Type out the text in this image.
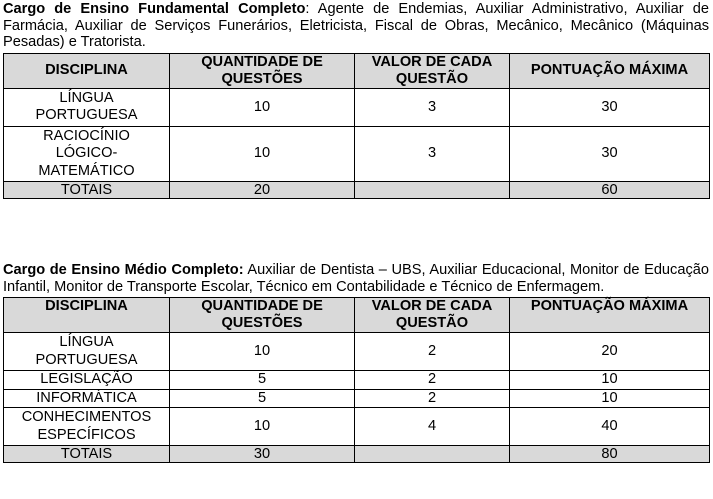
Cargo de Ensino Fundamental Completo: Agente de Endemias, Auxiliar Administrativo, Auxiliar de Farmácia, Auxiliar de Serviços Funerários, Eletricista, Fiscal de Obras, Mecânico, Mecânico (Máquinas Pesadas) e Tratorista.

DISCIPLINA	QUANTIDADE DE QUESTÕES	VALOR DE CADA QUESTÃO	PONTUAÇÃO MÁXIMA
LÍNGUA PORTUGUESA	10	3	30
RACIOCÍNIO LÓGICO-MATEMÁTICO	10	3	30
TOTAIS	20		60

Cargo de Ensino Médio Completo: Auxiliar de Dentista – UBS, Auxiliar Educacional, Monitor de Educação Infantil, Monitor de Transporte Escolar, Técnico em Contabilidade e Técnico de Enfermagem.

DISCIPLINA	QUANTIDADE DE QUESTÕES	VALOR DE CADA QUESTÃO	PONTUAÇÃO MÁXIMA
LÍNGUA PORTUGUESA	10	2	20
LEGISLAÇÃO	5	2	10
INFORMÁTICA	5	2	10
CONHECIMENTOS ESPECÍFICOS	10	4	40
TOTAIS	30		80
